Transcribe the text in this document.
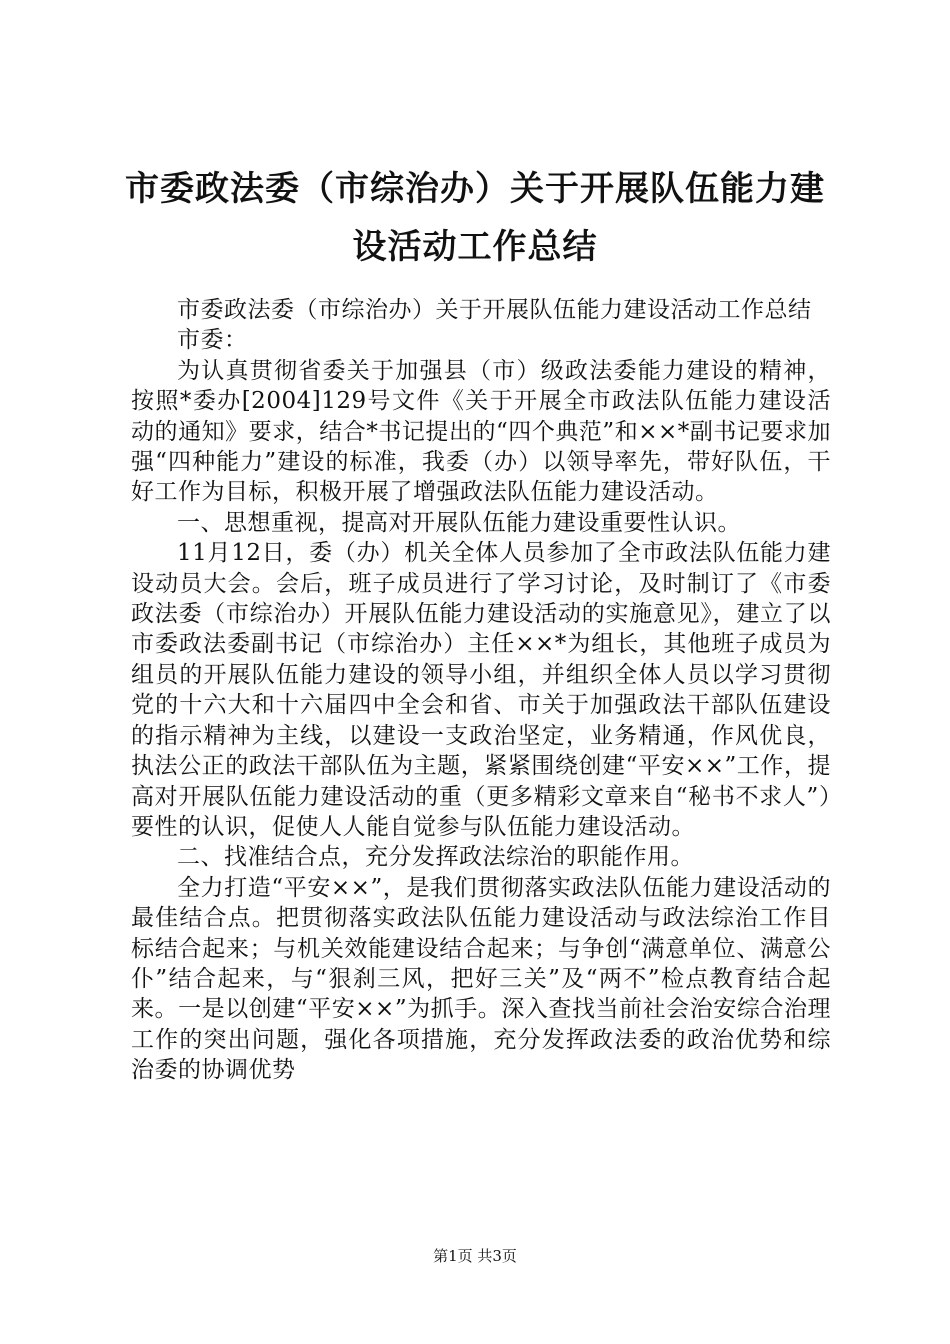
市委政法委（市综治办）关于开展队伍能力建设活动工作总结

市委政法委（市综治办）关于开展队伍能力建设活动工作总结

市委：

为认真贯彻省委关于加强县（市）级政法委能力建设的精神，按照*委办[2004]129号文件《关于开展全市政法队伍能力建设活动的通知》要求，结合*书记提出的“四个典范”和××*副书记要求加强“四种能力”建设的标准，我委（办）以领导率先，带好队伍，干好工作为目标，积极开展了增强政法队伍能力建设活动。

一、思想重视，提高对开展队伍能力建设重要性认识。

11月12日，委（办）机关全体人员参加了全市政法队伍能力建设动员大会。会后，班子成员进行了学习讨论，及时制订了《市委政法委（市综治办）开展队伍能力建设活动的实施意见》，建立了以市委政法委副书记（市综治办）主任××*为组长，其他班子成员为组员的开展队伍能力建设的领导小组，并组织全体人员以学习贯彻党的十六大和十六届四中全会和省、市关于加强政法干部队伍建设的指示精神为主线，以建设一支政治坚定，业务精通，作风优良，执法公正的政法干部队伍为主题，紧紧围绕创建“平安××”工作，提高对开展队伍能力建设活动的重（更多精彩文章来自“秘书不求人”）要性的认识，促使人人能自觉参与队伍能力建设活动。

二、找准结合点，充分发挥政法综治的职能作用。

全力打造“平安××”，是我们贯彻落实政法队伍能力建设活动的最佳结合点。把贯彻落实政法队伍能力建设活动与政法综治工作目标结合起来；与机关效能建设结合起来；与争创“满意单位、满意公仆”结合起来，与“狠刹三风，把好三关”及“两不”检点教育结合起来。一是以创建“平安××”为抓手。深入查找当前社会治安综合治理工作的突出问题，强化各项措施，充分发挥政法委的政治优势和综治委的协调优势

第1页 共3页
